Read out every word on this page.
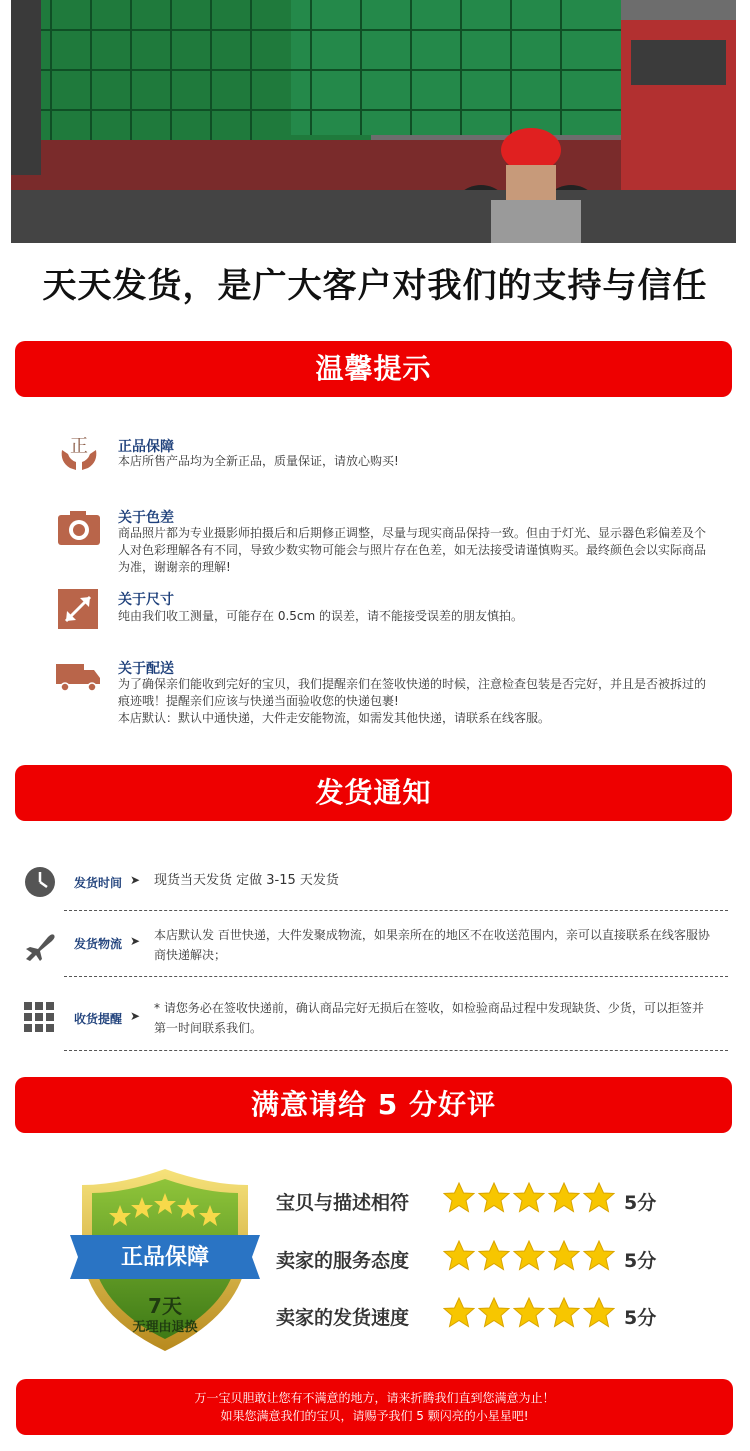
天天发货，是广大客户对我们的支持与信任
温馨提示
正 正品保障
本店所售产品均为全新正品，质量保证，请放心购买!
关于色差
商品照片都为专业摄影师拍摄后和后期修正调整，尽量与现实商品保持一致。但由于灯光、显示器色彩偏差及个人对色彩理解各有不同，导致少数实物可能会与照片存在色差，如无法接受请谨慎购买。最终颜色会以实际商品为准，谢谢亲的理解!
关于尺寸
纯由我们收工测量，可能存在 0.5cm 的误差，请不能接受误差的朋友慎拍。
关于配送
为了确保亲们能收到完好的宝贝，我们提醒亲们在签收快递的时候，注意检查包装是否完好，并且是否被拆过的痕迹哦！提醒亲们应该与快递当面验收您的快递包裹!
本店默认：默认中通快递，大件走安能物流，如需发其他快递，请联系在线客服。
发货通知
发货时间 ➤ 现货当天发货 定做 3-15 天发货
发货物流 ➤ 本店默认发 百世快递，大件发聚成物流，如果亲所在的地区不在收送范围内，亲可以直接联系在线客服协商快递解决；
收货提醒 ➤
* 请您务必在签收快递前，确认商品完好无损后在签收，如检验商品过程中发现缺货、少货，可以拒签并第一时间联系我们。
满意请给 5 分好评
正品保障
7天
无理由退换
宝贝与描述相符	5分
卖家的服务态度	5分
卖家的发货速度	5分
万一宝贝胆敢让您有不满意的地方，请来折腾我们直到您满意为止！
如果您满意我们的宝贝，请赐予我们 5 颗闪亮的小星星吧!
